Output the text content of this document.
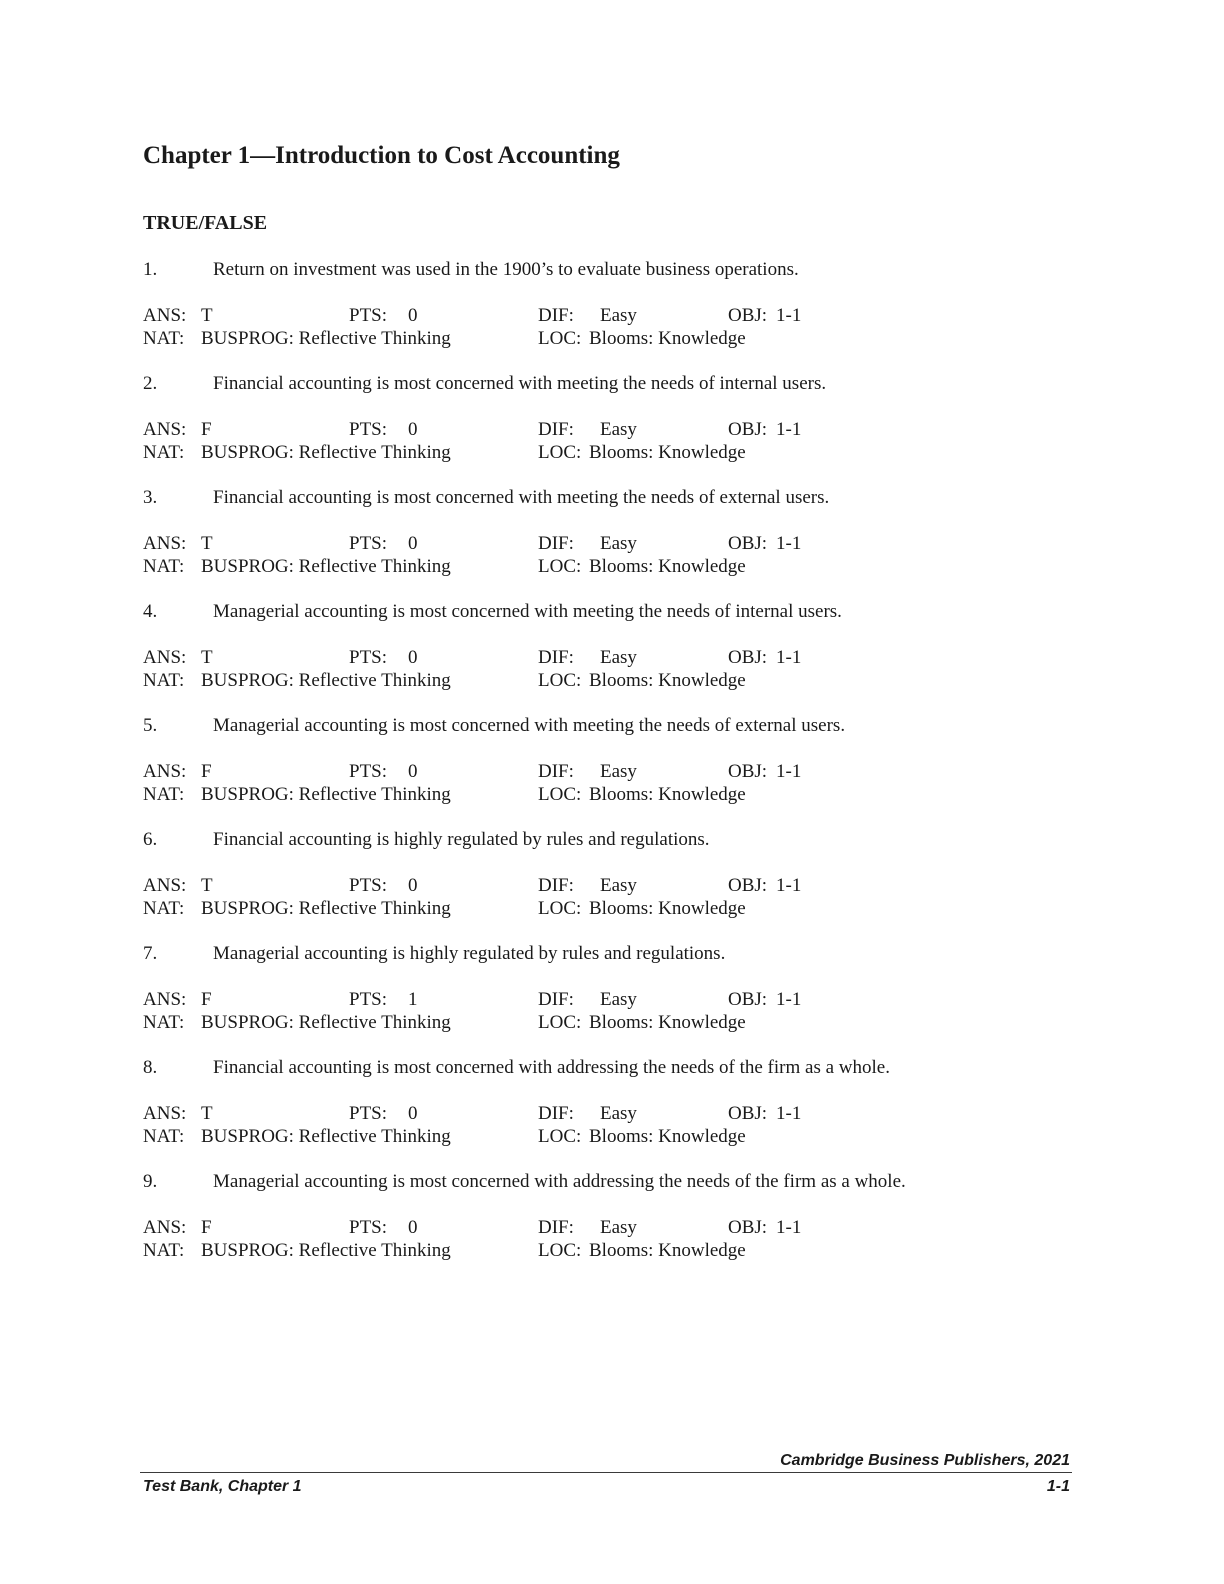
Chapter 1—Introduction to Cost Accounting
TRUE/FALSE
1.	Return on investment was used in the 1900’s to evaluate business operations.
ANS: T	PTS: 0	DIF: Easy	OBJ: 1-1
NAT: BUSPROG: Reflective Thinking	LOC: Blooms: Knowledge
2.	Financial accounting is most concerned with meeting the needs of internal users.
ANS: F	PTS: 0	DIF: Easy	OBJ: 1-1
NAT: BUSPROG: Reflective Thinking	LOC: Blooms: Knowledge
3.	Financial accounting is most concerned with meeting the needs of external users.
ANS: T	PTS: 0	DIF: Easy	OBJ: 1-1
NAT: BUSPROG: Reflective Thinking	LOC: Blooms: Knowledge
4.	Managerial accounting is most concerned with meeting the needs of internal users.
ANS: T	PTS: 0	DIF: Easy	OBJ: 1-1
NAT: BUSPROG: Reflective Thinking	LOC: Blooms: Knowledge
5.	Managerial accounting is most concerned with meeting the needs of external users.
ANS: F	PTS: 0	DIF: Easy	OBJ: 1-1
NAT: BUSPROG: Reflective Thinking	LOC: Blooms: Knowledge
6.	Financial accounting is highly regulated by rules and regulations.
ANS: T	PTS: 0	DIF: Easy	OBJ: 1-1
NAT: BUSPROG: Reflective Thinking	LOC: Blooms: Knowledge
7.	Managerial accounting is highly regulated by rules and regulations.
ANS: F	PTS: 1	DIF: Easy	OBJ: 1-1
NAT: BUSPROG: Reflective Thinking	LOC: Blooms: Knowledge
8.	Financial accounting is most concerned with addressing the needs of the firm as a whole.
ANS: T	PTS: 0	DIF: Easy	OBJ: 1-1
NAT: BUSPROG: Reflective Thinking	LOC: Blooms: Knowledge
9.	Managerial accounting is most concerned with addressing the needs of the firm as a whole.
ANS: F	PTS: 0	DIF: Easy	OBJ: 1-1
NAT: BUSPROG: Reflective Thinking	LOC: Blooms: Knowledge
Cambridge Business Publishers, 2021
Test Bank, Chapter 1	1-1
